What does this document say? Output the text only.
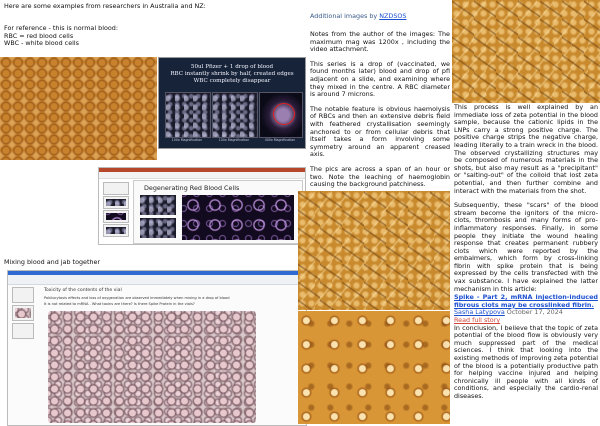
Here are some examples from researchers in Australia and NZ:
For reference - this is normal blood:
RBC = red blood cells
WBC - white blood cells
50ul Pfizer + 1 drop of blood
RBC instantly shrink by half, created edges
WBC completely disappear
100x Magnification	100x Magnification	400x Magnification
Degenerating Red Blood Cells
Mixing blood and jab together
Toxicity of the contents of the vial
Pokilocytosis effects and loss of oxygenation are observed immediately when mixing in a drop of blood
It is not related to mRNA . What toxins are there? Is there Spike Protein in the vials?
Additional images by NZDSOS
Notes from the author of the images: The maximum mag was 1200x , including the video attachment.
This series is a drop of (vaccinated, we found months later) blood and drop of pfi adjacent on a slide, and examining where they mixed in the centre. A RBC diameter is around 7 microns.
The notable feature is obvious haemolysis of RBCs and then an extensive debris field with feathered crystallisation seemingly anchored to or from cellular debris that itself takes a form involving some symmetry around an apparent creased axis.
The pics are across a span of an hour or two. Note the leaching of haemoglobin causing the background patchiness.
This process is well explained by an immediate loss of zeta potential in the blood sample, because the cationic lipids in the LNPs carry a strong positive charge. The positive charge strips the negative charge, leading literally to a train wreck in the blood. The observed crystallizing structures may be composed of numerous materials in the shots, but also may result as a "precipitant" or "salting-out" of the colloid that lost zeta potential, and then further combine and interact with the materials from the shot.
Subsequently, these "scars" of the blood stream become the ignitors of the micro-clots, thrombosis and many forms of pro-inflammatory responses. Finally, in some people they initiate the wound healing response that creates permanent rubbery clots which were reported by the embalmers, which form by cross-linking fibrin with spike protein that is being expressed by the cells transfected with the vax substance. I have explained the latter mechanism in this article:
Spike - Part 2, mRNA injection-induced fibrous clots may be crosslinked fibrin.
Sasha Latypova October 17, 2024
Read full story
In conclusion, I believe that the topic of zeta potential of the blood flow is obviously very much suppressed part of the medical sciences. I think that looking into the existing methods of improving zeta potential of the blood is a potentially productive path for helping vaccine injured and helping chronically ill people with all kinds of conditions, and especially the cardio-renal diseases.
